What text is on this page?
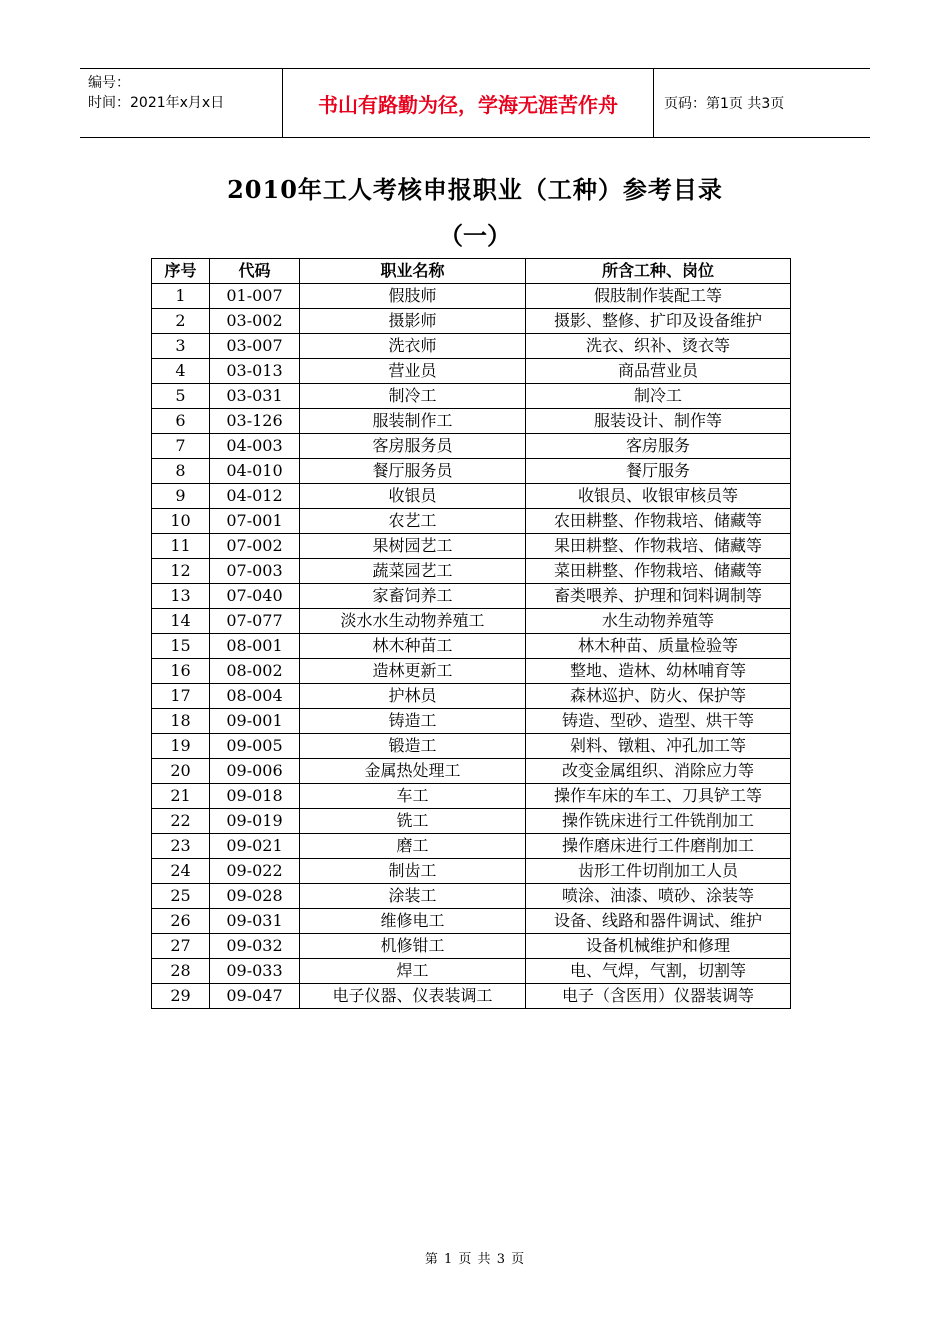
编号：
时间：2021年x月x日	书山有路勤为径，学海无涯苦作舟	页码：第1页 共3页
2010年工人考核申报职业（工种）参考目录
（一）
序号	代码	职业名称	所含工种、岗位
1	01-007	假肢师	假肢制作装配工等
2	03-002	摄影师	摄影、整修、扩印及设备维护
3	03-007	洗衣师	洗衣、织补、烫衣等
4	03-013	营业员	商品营业员
5	03-031	制冷工	制冷工
6	03-126	服装制作工	服装设计、制作等
7	04-003	客房服务员	客房服务
8	04-010	餐厅服务员	餐厅服务
9	04-012	收银员	收银员、收银审核员等
10	07-001	农艺工	农田耕整、作物栽培、储藏等
11	07-002	果树园艺工	果田耕整、作物栽培、储藏等
12	07-003	蔬菜园艺工	菜田耕整、作物栽培、储藏等
13	07-040	家畜饲养工	畜类喂养、护理和饲料调制等
14	07-077	淡水水生动物养殖工	水生动物养殖等
15	08-001	林木种苗工	林木种苗、质量检验等
16	08-002	造林更新工	整地、造林、幼林哺育等
17	08-004	护林员	森林巡护、防火、保护等
18	09-001	铸造工	铸造、型砂、造型、烘干等
19	09-005	锻造工	剁料、镦粗、冲孔加工等
20	09-006	金属热处理工	改变金属组织、消除应力等
21	09-018	车工	操作车床的车工、刀具铲工等
22	09-019	铣工	操作铣床进行工件铣削加工
23	09-021	磨工	操作磨床进行工件磨削加工
24	09-022	制齿工	齿形工件切削加工人员
25	09-028	涂装工	喷涂、油漆、喷砂、涂装等
26	09-031	维修电工	设备、线路和器件调试、维护
27	09-032	机修钳工	设备机械维护和修理
28	09-033	焊工	电、气焊，气割，切割等
29	09-047	电子仪器、仪表装调工	电子（含医用）仪器装调等
第 1 页 共 3 页
